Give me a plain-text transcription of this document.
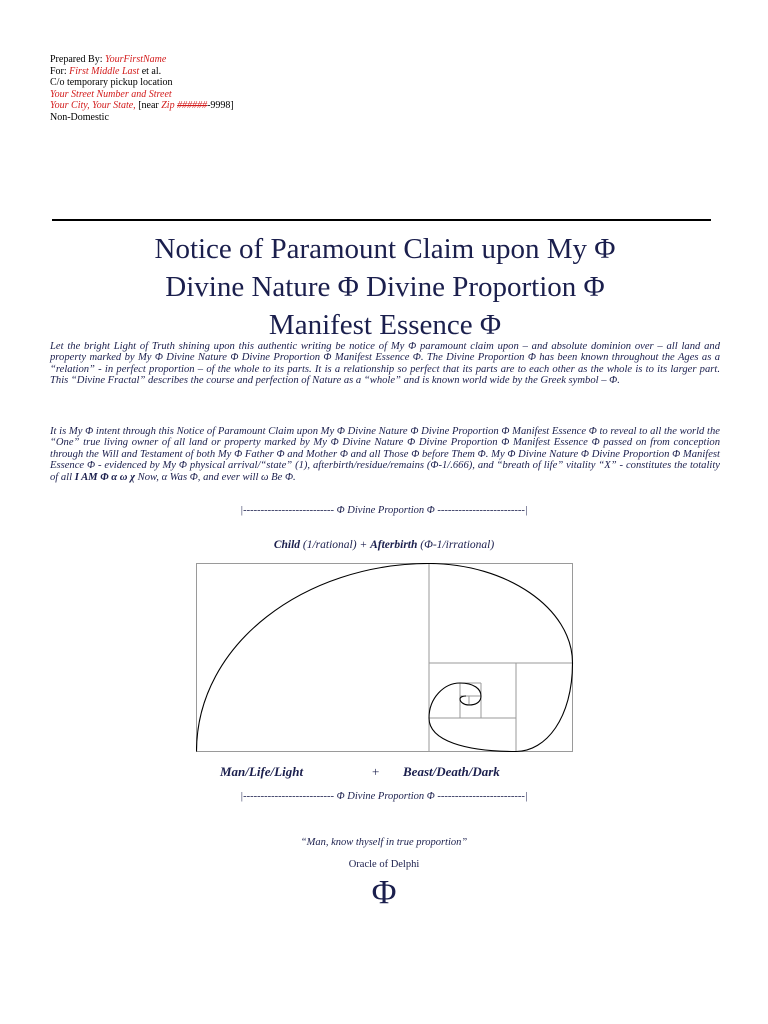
Prepared By: YourFirstName
For: First Middle Last et al.
C/o temporary pickup location
Your Street Number and Street
Your City, Your State, [near Zip ######-9998]
Non-Domestic
Notice of Paramount Claim upon My Φ
Divine Nature Φ Divine Proportion Φ
Manifest Essence Φ
Let the bright Light of Truth shining upon this authentic writing be notice of My Φ paramount claim upon – and absolute dominion over – all land and property marked by My Φ Divine Nature Φ Divine Proportion Φ Manifest Essence Φ. The Divine Proportion Φ has been known throughout the Ages as a “relation” - in perfect proportion – of the whole to its parts. It is a relationship so perfect that its parts are to each other as the whole is to its larger part. This “Divine Fractal” describes the course and perfection of Nature as a “whole” and is known world wide by the Greek symbol – Φ.
It is My Φ intent through this Notice of Paramount Claim upon My Φ Divine Nature Φ Divine Proportion Φ Manifest Essence Φ to reveal to all the world the “One” true living owner of all land or property marked by My Φ Divine Nature Φ Divine Proportion Φ Manifest Essence Φ passed on from conception through the Will and Testament of both My Φ Father Φ and Mother Φ and all Those Φ before Them Φ. My Φ Divine Nature Φ Divine Proportion Φ Manifest Essence Φ - evidenced by My Φ physical arrival/“state” (1), afterbirth/residue/remains (Φ-1/.666), and “breath of life” vitality “X” - constitutes the totality of all I AM Φ α ω χ Now, α Was Φ, and ever will ω Be Φ.
|-------------------------- Φ Divine Proportion Φ -------------------------|
Child (1/rational) + Afterbirth (Φ-1/irrational)
Man/Life/Light	+ Beast/Death/Dark
|-------------------------- Φ Divine Proportion Φ -------------------------|
“Man, know thyself in true proportion”
Oracle of Delphi
Φ
